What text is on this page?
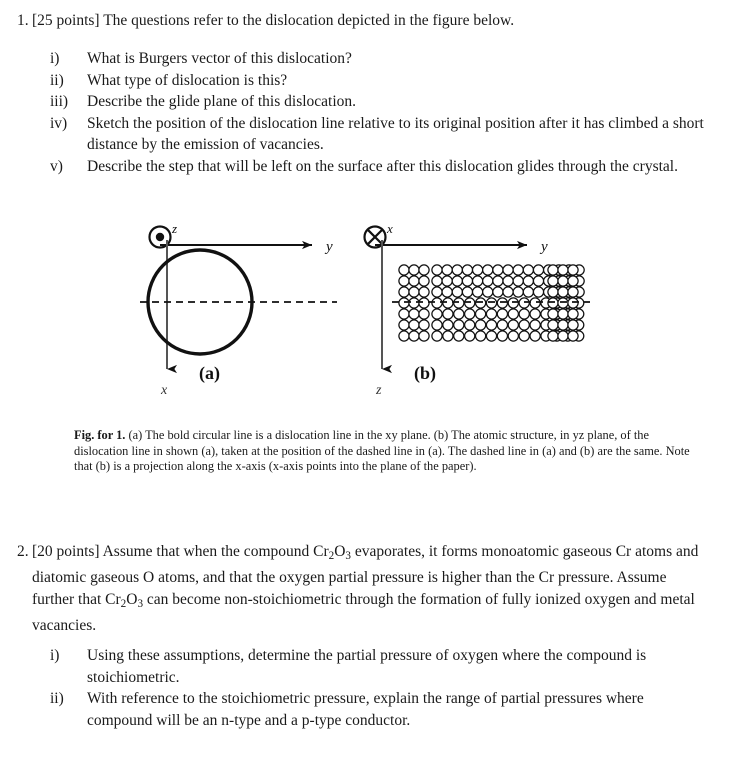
1. [25 points] The questions refer to the dislocation depicted in the figure below.
i)	What is Burgers vector of this dislocation?
ii)	What type of dislocation is this?
iii)	Describe the glide plane of this dislocation.
iv)	Sketch the position of the dislocation line relative to its original position after it has climbed a short distance by the emission of vacancies.
v)	Describe the step that will be left on the surface after this dislocation glides through the crystal.
z
y
x
(a)
x
y
z
(b)
Fig. for 1. (a) The bold circular line is a dislocation line in the xy plane. (b) The atomic structure, in yz plane, of the dislocation line in shown (a), taken at the position of the dashed line in (a). The dashed line in (a) and (b) are the same. Note that (b) is a projection along the x-axis (x-axis points into the plane of the paper).
2. [20 points] Assume that when the compound $Cr_2O_3$ evaporates, it forms monoatomic gaseous Cr atoms and diatomic gaseous O atoms, and that the oxygen partial pressure is higher than the Cr pressure. Assume further that $Cr_2O_3$ can become non-stoichiometric through the formation of fully ionized oxygen and metal vacancies.
i)	Using these assumptions, determine the partial pressure of oxygen where the compound is stoichiometric.
ii)	With reference to the stoichiometric pressure, explain the range of partial pressures where compound will be an n-type and a p-type conductor.
